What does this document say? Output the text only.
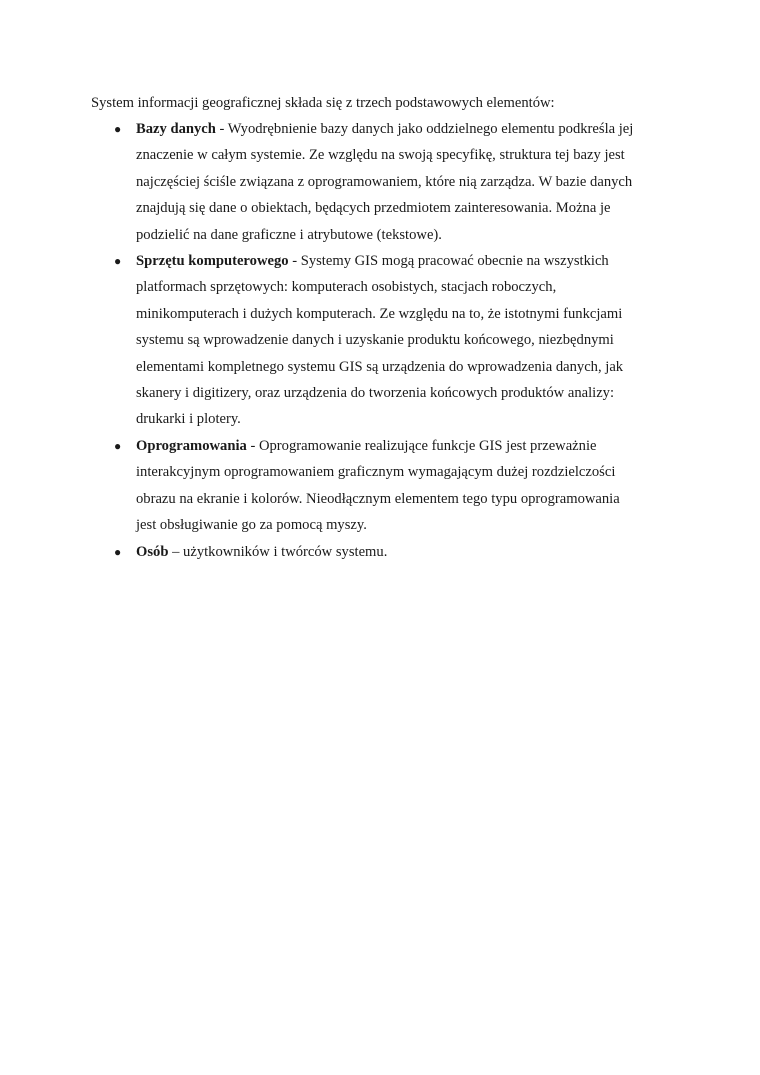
System informacji geograficznej składa się z trzech podstawowych elementów:

● Bazy danych - Wyodrębnienie bazy danych jako oddzielnego elementu podkreśla jej
znaczenie w całym systemie. Ze względu na swoją specyfikę, struktura tej bazy jest
najczęściej ściśle związana z oprogramowaniem, które nią zarządza. W bazie danych
znajdują się dane o obiektach, będących przedmiotem zainteresowania. Można je
podzielić na dane graficzne i atrybutowe (tekstowe).

● Sprzętu komputerowego - Systemy GIS mogą pracować obecnie na wszystkich
platformach sprzętowych: komputerach osobistych, stacjach roboczych,
minikomputerach i dużych komputerach. Ze względu na to, że istotnymi funkcjami
systemu są wprowadzenie danych i uzyskanie produktu końcowego, niezbędnymi
elementami kompletnego systemu GIS są urządzenia do wprowadzenia danych, jak
skanery i digitizery, oraz urządzenia do tworzenia końcowych produktów analizy:
drukarki i plotery.

● Oprogramowania - Oprogramowanie realizujące funkcje GIS jest przeważnie
interakcyjnym oprogramowaniem graficznym wymagającym dużej rozdzielczości
obrazu na ekranie i kolorów. Nieodłącznym elementem tego typu oprogramowania
jest obsługiwanie go za pomocą myszy.

● Osób – użytkowników i twórców systemu.
